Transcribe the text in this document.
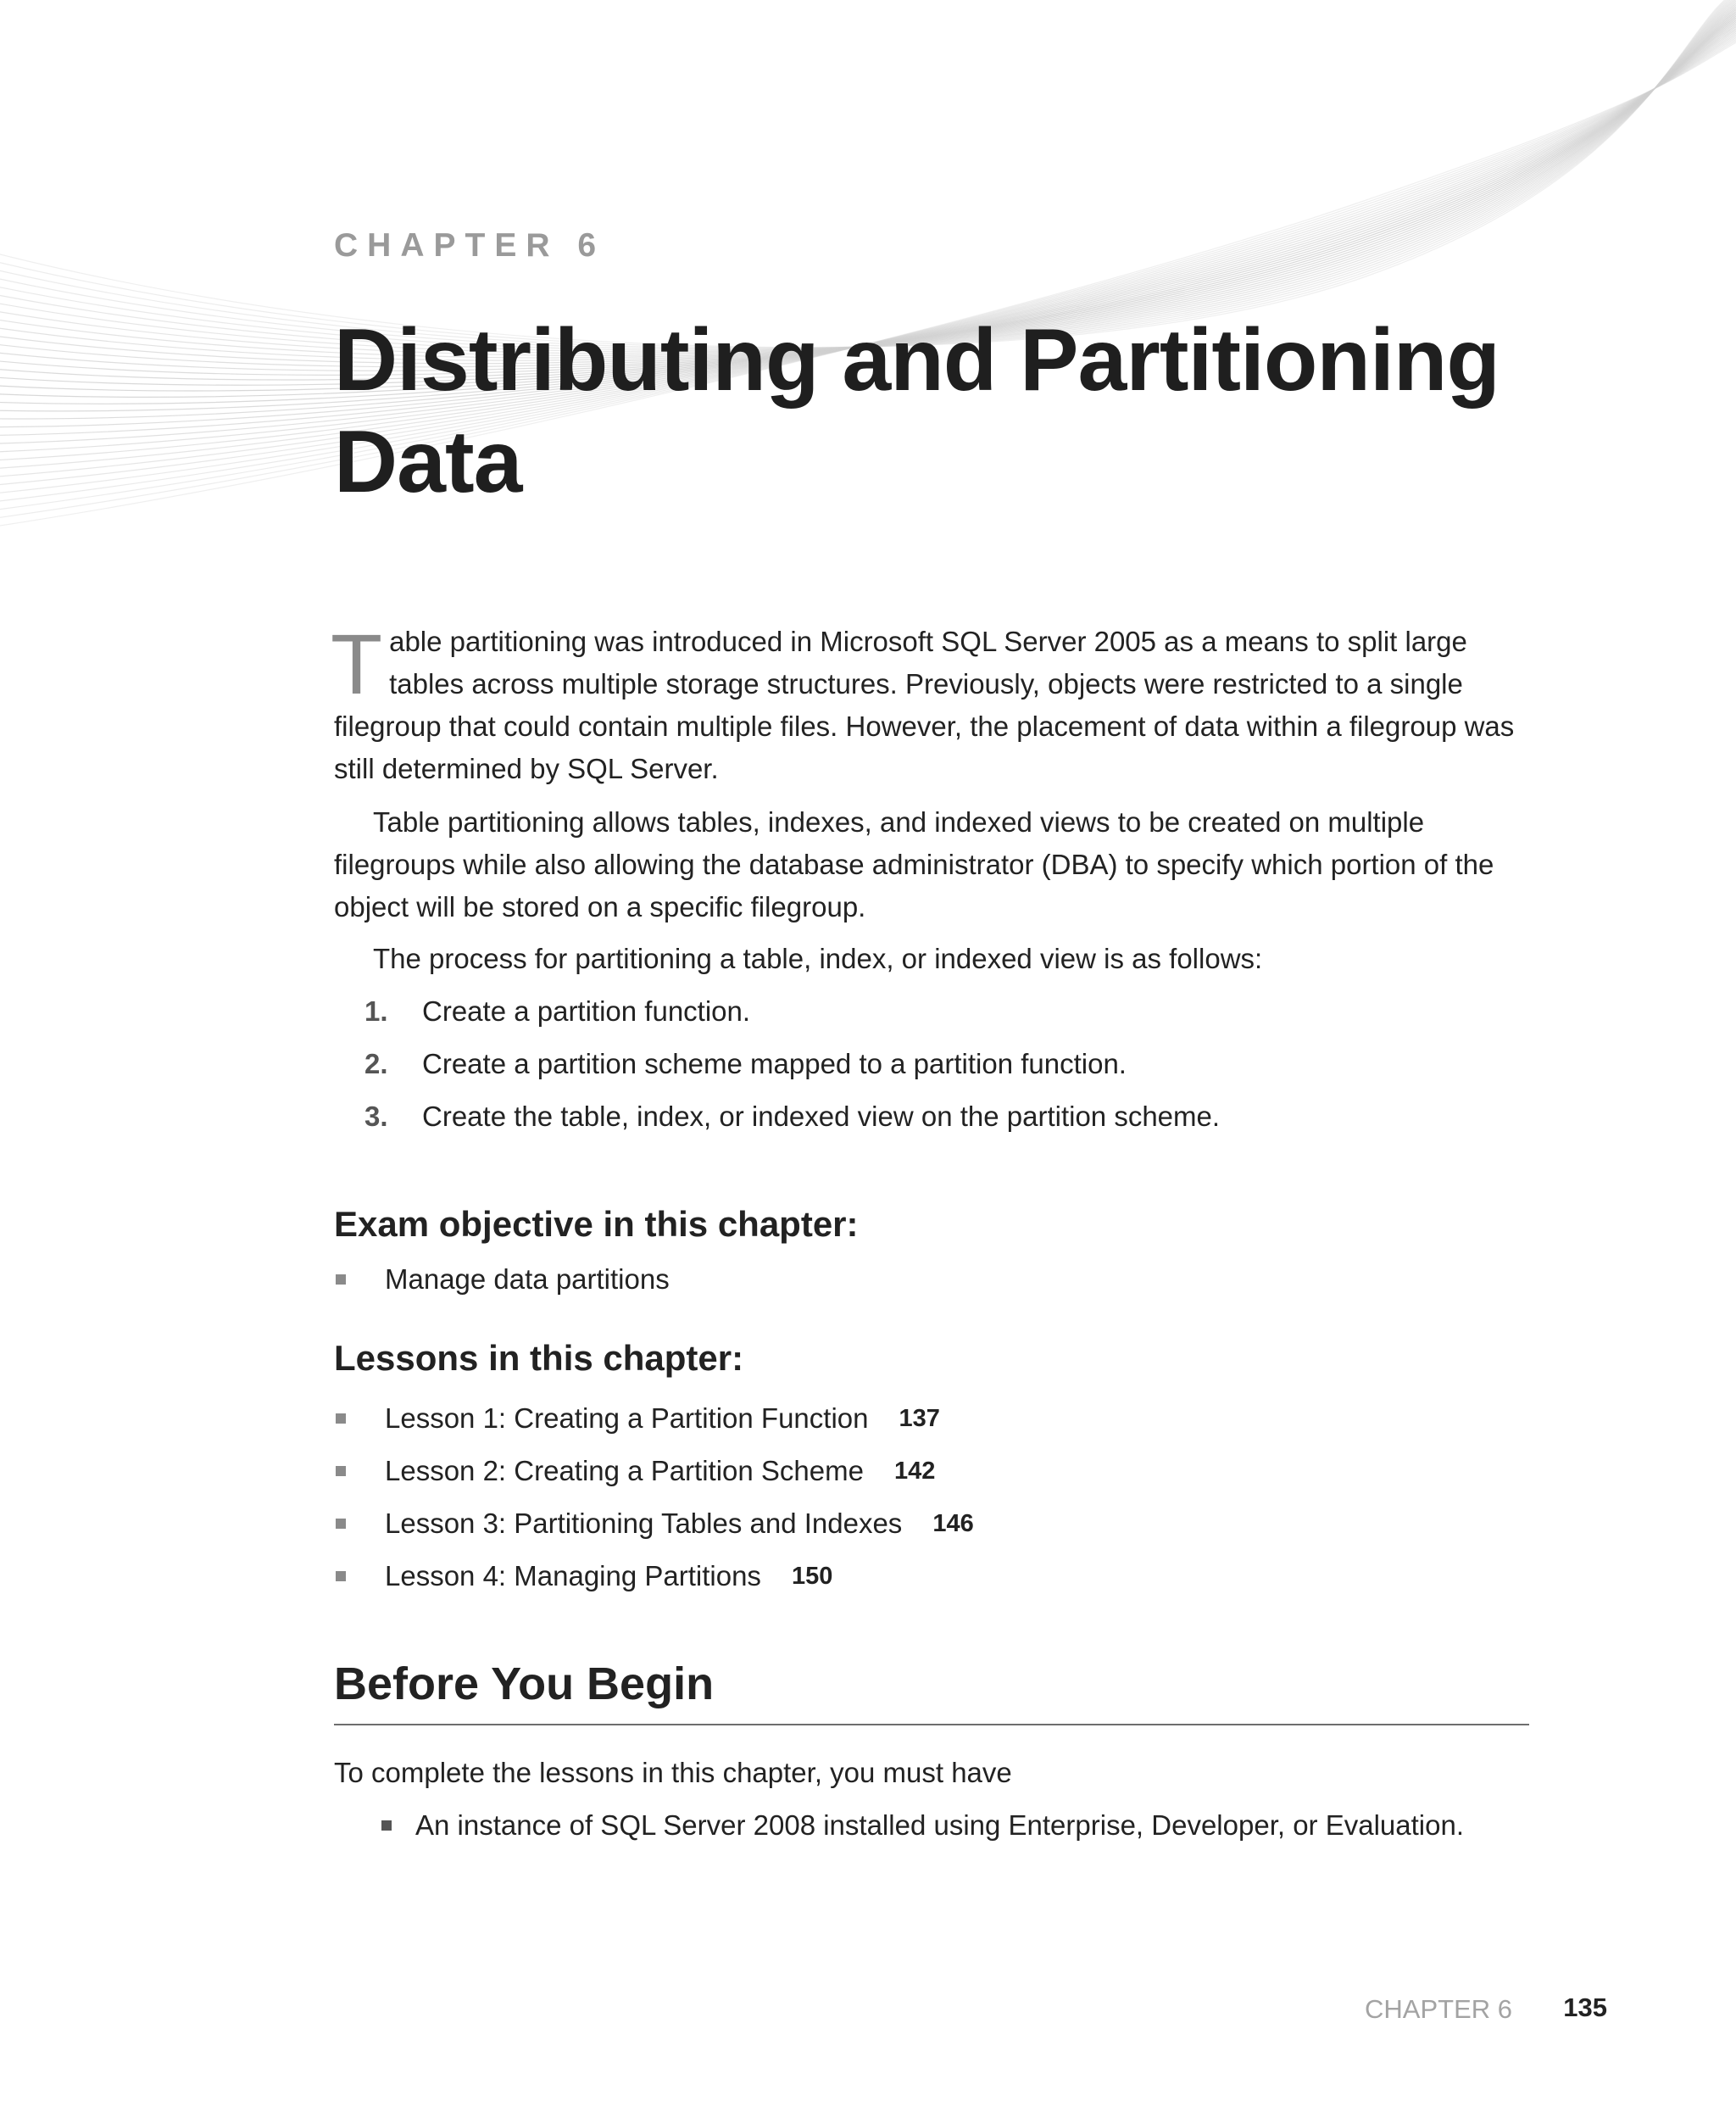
CHAPTER 6
Distributing and Partitioning Data

Table partitioning was introduced in Microsoft SQL Server 2005 as a means to split large tables across multiple storage structures. Previously, objects were restricted to a single filegroup that could contain multiple files. However, the placement of data within a filegroup was still determined by SQL Server.

Table partitioning allows tables, indexes, and indexed views to be created on multiple filegroups while also allowing the database administrator (DBA) to specify which portion of the object will be stored on a specific filegroup.

The process for partitioning a table, index, or indexed view is as follows:

1.	Create a partition function.
2.	Create a partition scheme mapped to a partition function.
3.	Create the table, index, or indexed view on the partition scheme.
Exam objective in this chapter:
Manage data partitions
Lessons in this chapter:
Lesson 1: Creating a Partition Function 137
Lesson 2: Creating a Partition Scheme 142
Lesson 3: Partitioning Tables and Indexes 146
Lesson 4: Managing Partitions 150
Before You Begin

To complete the lessons in this chapter, you must have

An instance of SQL Server 2008 installed using Enterprise, Developer, or Evaluation.
CHAPTER 6 135
